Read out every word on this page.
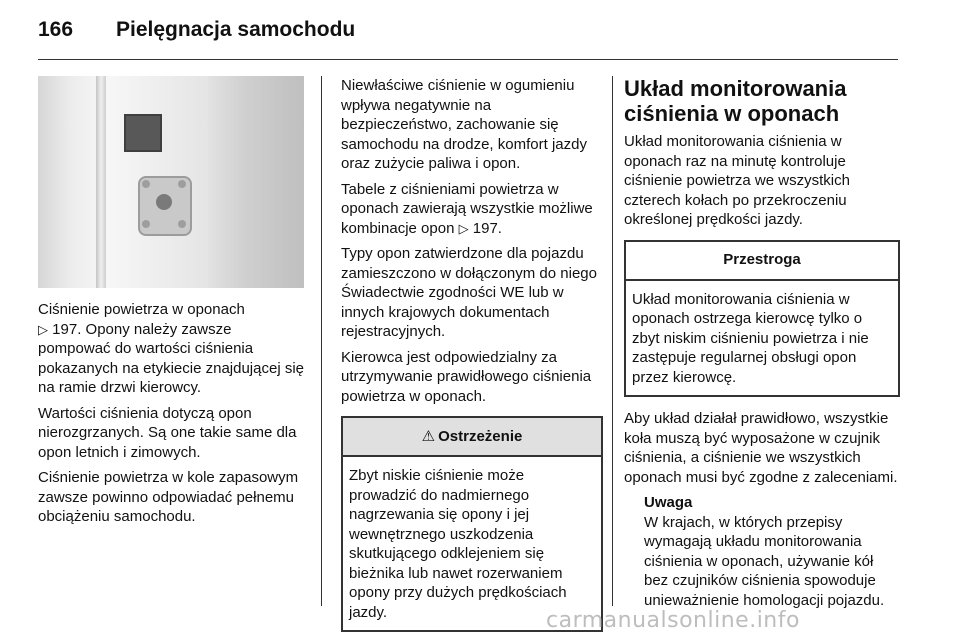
166	Pielęgnacja samochodu

Ciśnienie powietrza w oponach
▷ 197. Opony należy zawsze pompować do wartości ciśnienia pokazanych na etykiecie znajdującej się na ramie drzwi kierowcy.

Wartości ciśnienia dotyczą opon nierozgrzanych. Są one takie same dla opon letnich i zimowych.

Ciśnienie powietrza w kole zapasowym zawsze powinno odpowiadać pełnemu obciążeniu samochodu.

Niewłaściwe ciśnienie w ogumieniu wpływa negatywnie na bezpieczeństwo, zachowanie się samochodu na drodze, komfort jazdy oraz zużycie paliwa i opon.

Tabele z ciśnieniami powietrza w oponach zawierają wszystkie możliwe kombinacje opon ▷ 197.

Typy opon zatwierdzone dla pojazdu zamieszczono w dołączonym do niego Świadectwie zgodności WE lub w innych krajowych dokumentach rejestracyjnych.

Kierowca jest odpowiedzialny za utrzymywanie prawidłowego ciśnienia powietrza w oponach.

⚠ Ostrzeżenie
Zbyt niskie ciśnienie może prowadzić do nadmiernego nagrzewania się opony i jej wewnętrznego uszkodzenia skutkującego odklejeniem się bieżnika lub nawet rozerwaniem opony przy dużych prędkościach jazdy.
Układ monitorowania ciśnienia w oponach

Układ monitorowania ciśnienia w oponach raz na minutę kontroluje ciśnienie powietrza we wszystkich czterech kołach po przekroczeniu określonej prędkości jazdy.

Przestroga
Układ monitorowania ciśnienia w oponach ostrzega kierowcę tylko o zbyt niskim ciśnieniu powietrza i nie zastępuje regularnej obsługi opon przez kierowcę.

Aby układ działał prawidłowo, wszystkie koła muszą być wyposażone w czujnik ciśnienia, a ciśnienie we wszystkich oponach musi być zgodne z zaleceniami.

Uwaga
W krajach, w których przepisy wymagają układu monitorowania ciśnienia w oponach, używanie kół bez czujników ciśnienia spowoduje unieważnienie homologacji pojazdu.
carmanualsonline.info
